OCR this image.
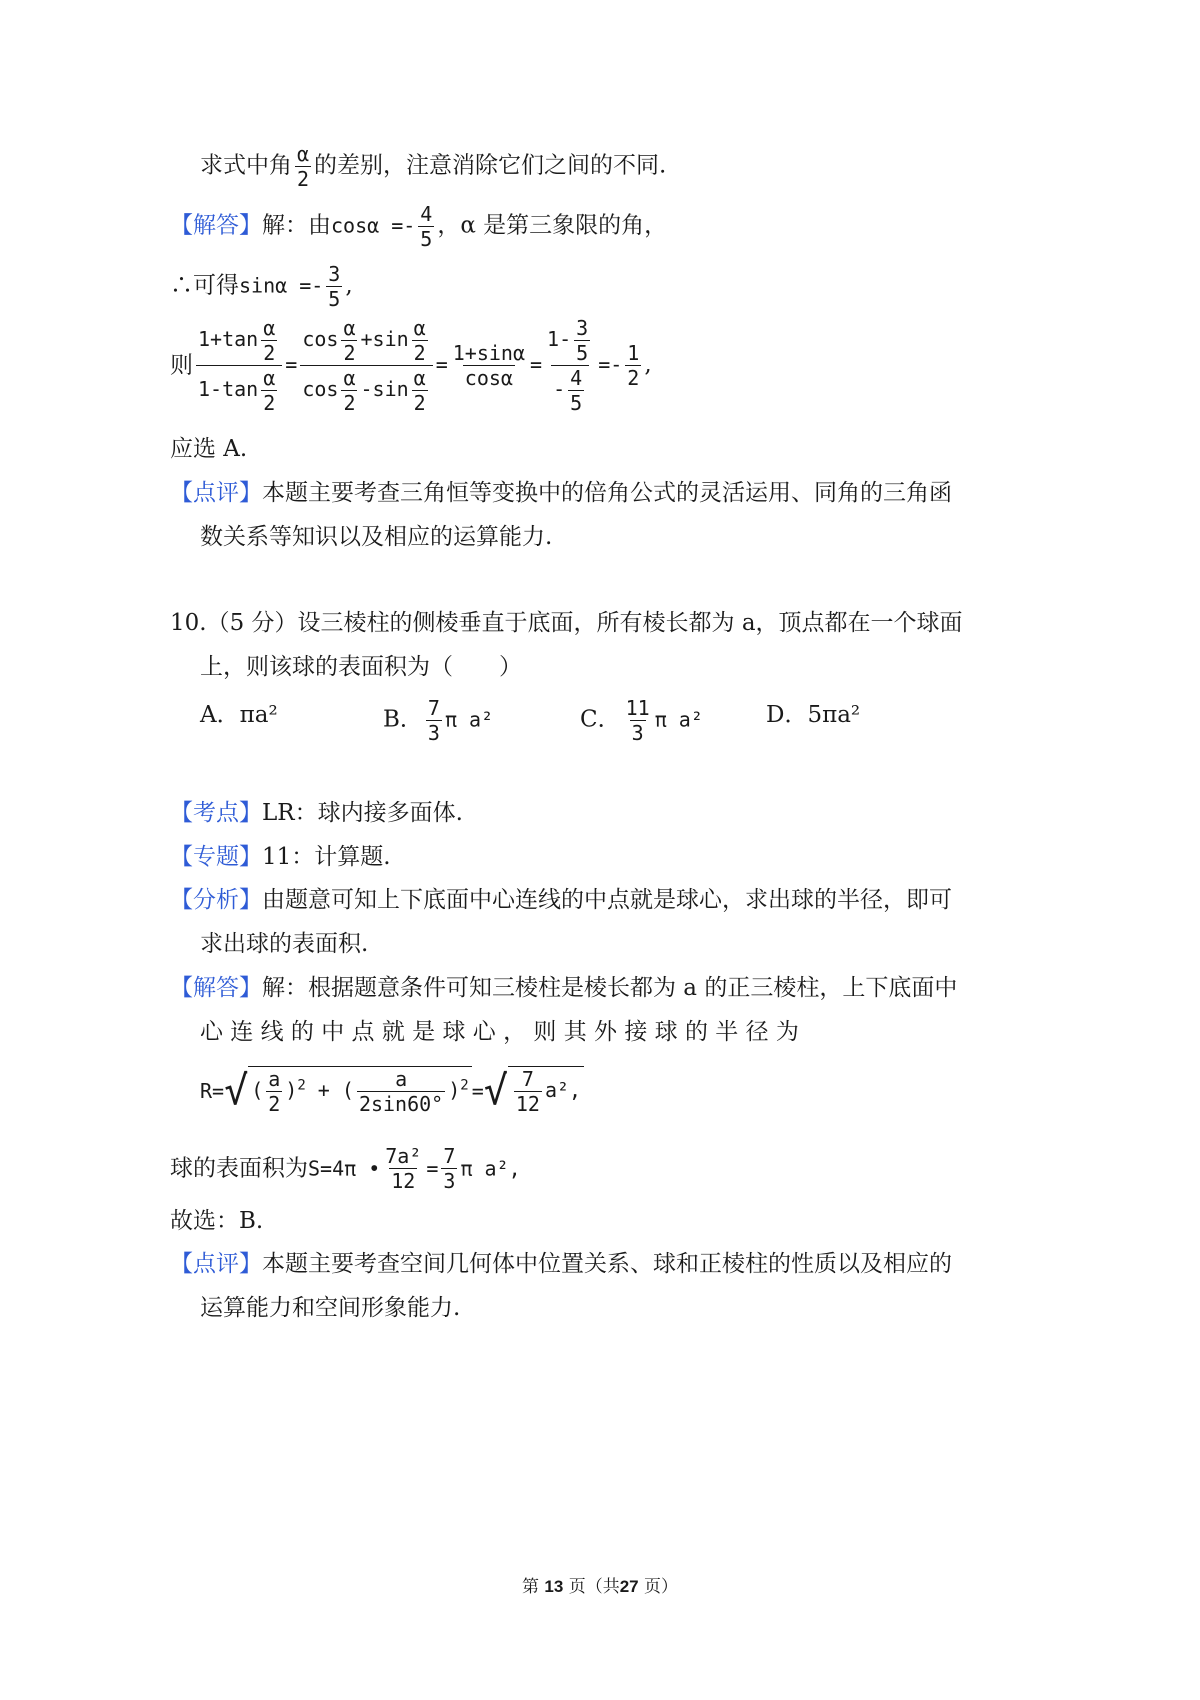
求式中角 $\frac{\alpha}{2}$ 的差别，注意消除它们之间的不同.
【解答】解：由$\cos\alpha =- \frac{4}{5}$ ，α 是第三象限的角，
∴可得$\sin\alpha =- \frac{3}{5}$ ,
则 $\frac{1+\tan \frac{\alpha}{2}}{1-\tan \frac{\alpha}{2}} = \frac{\cos \frac{\alpha}{2} +\sin \frac{\alpha}{2}}{\cos \frac{\alpha}{2} -\sin \frac{\alpha}{2}} = \frac{1+\sin\alpha}{\cos\alpha} = \frac{1- \frac{3}{5}}{- \frac{4}{5}} =- \frac{1}{2}$ ,
应选 A.
【点评】本题主要考查三角恒等变换中的倍角公式的灵活运用、同角的三角函
数关系等知识以及相应的运算能力.
10.（5 分）设三棱柱的侧棱垂直于底面，所有棱长都为 a，顶点都在一个球面
上，则该球的表面积为（　　）
A．πa²	B． $\frac{7}{3}$ π a²	C． $\frac{11}{3}$ π a²	D．5πa²
【考点】LR：球内接多面体.
【专题】11：计算题.
【分析】由题意可知上下底面中心连线的中点就是球心，求出球的半径，即可
求出球的表面积.
【解答】解：根据题意条件可知三棱柱是棱长都为 a 的正三棱柱，上下底面中
心 连 线 的 中 点 就 是 球 心 ， 则 其 外 接 球 的 半 径 为
R=√ ( $\frac{a}{2} )^2$ + ( $\frac{a}{2\sin 60^\circ} )^2$ =√ $\frac{7}{12} a^2$,
球的表面积为S=4π • $\frac{\text{7a²}}{12} = \frac{7}{3}$ π a²,
故选：B.
【点评】本题主要考查空间几何体中位置关系、球和正棱柱的性质以及相应的
运算能力和空间形象能力.
第 13 页（共27 页）
